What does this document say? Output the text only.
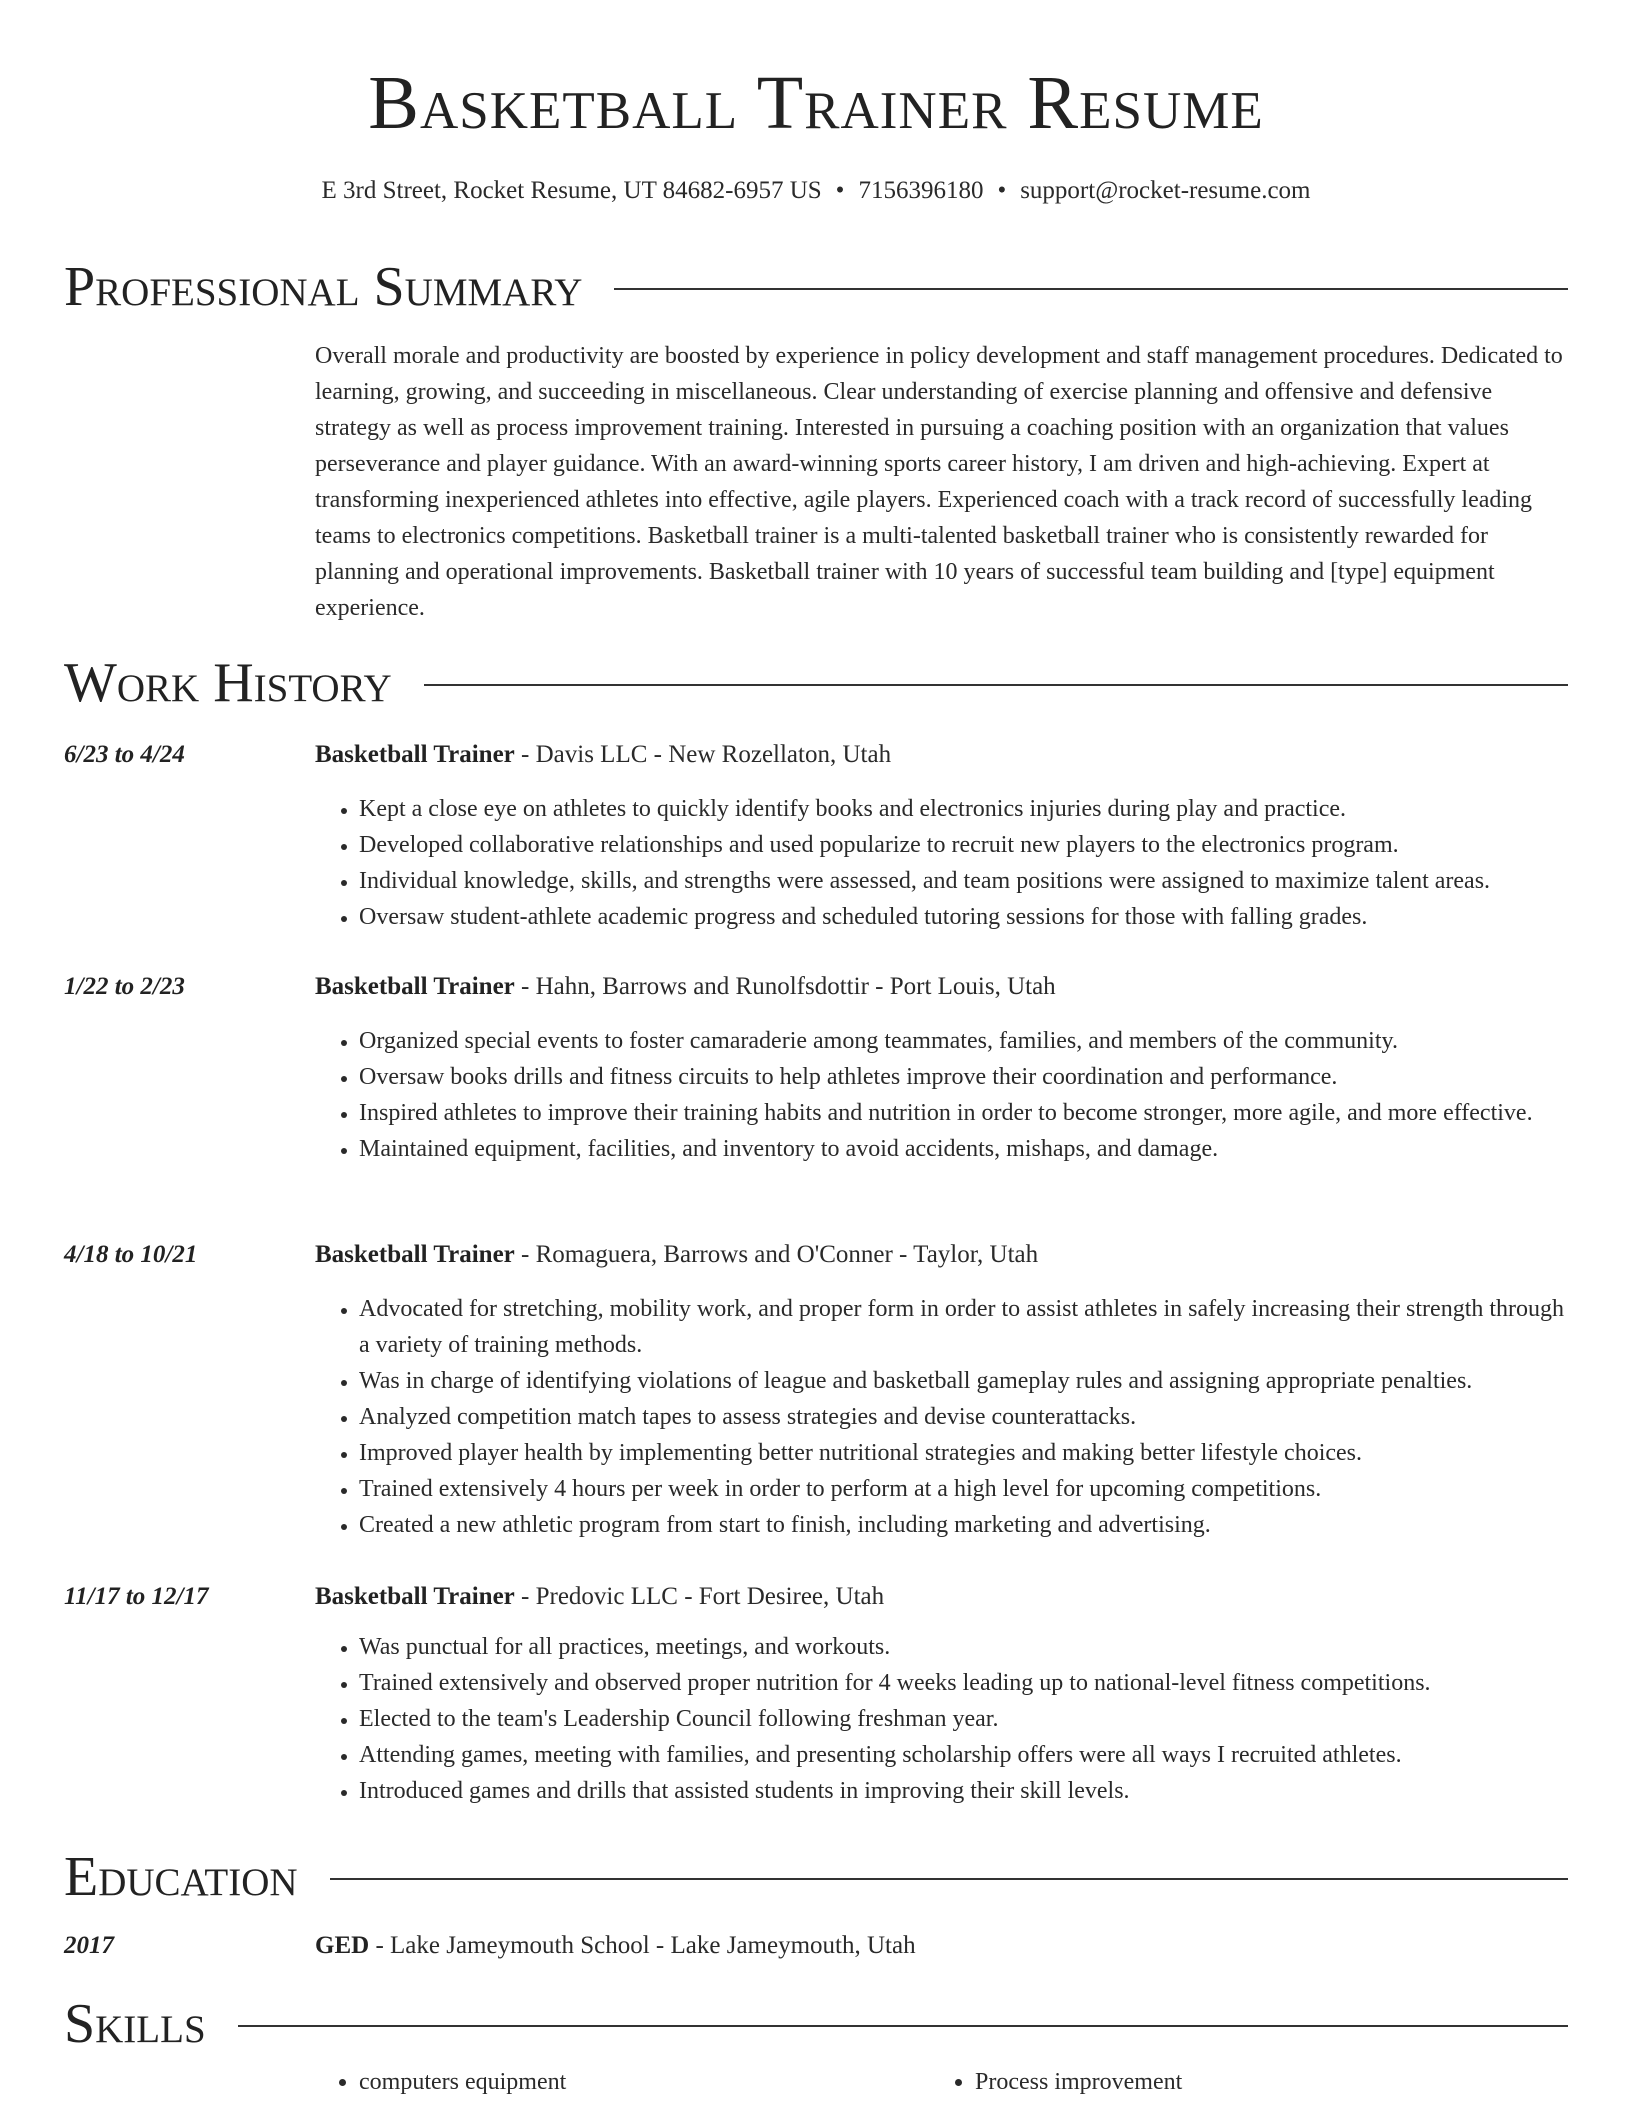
Basketball Trainer Resume
E 3rd Street, Rocket Resume, UT 84682-6957 US • 7156396180 • support@rocket-resume.com
Professional Summary

Overall morale and productivity are boosted by experience in policy development and staff management procedures. Dedicated to learning, growing, and succeeding in miscellaneous. Clear understanding of exercise planning and offensive and defensive strategy as well as process improvement training. Interested in pursuing a coaching position with an organization that values perseverance and player guidance. With an award-winning sports career history, I am driven and high-achieving. Expert at transforming inexperienced athletes into effective, agile players. Experienced coach with a track record of successfully leading teams to electronics competitions. Basketball trainer is a multi-talented basketball trainer who is consistently rewarded for planning and operational improvements. Basketball trainer with 10 years of successful team building and [type] equipment experience.

Work History
6/23 to 4/24	Basketball Trainer - Davis LLC - New Rozellaton, Utah
• Kept a close eye on athletes to quickly identify books and electronics injuries during play and practice.
• Developed collaborative relationships and used popularize to recruit new players to the electronics program.
• Individual knowledge, skills, and strengths were assessed, and team positions were assigned to maximize talent areas.
• Oversaw student-athlete academic progress and scheduled tutoring sessions for those with falling grades.
1/22 to 2/23	Basketball Trainer - Hahn, Barrows and Runolfsdottir - Port Louis, Utah
• Organized special events to foster camaraderie among teammates, families, and members of the community.
• Oversaw books drills and fitness circuits to help athletes improve their coordination and performance.
• Inspired athletes to improve their training habits and nutrition in order to become stronger, more agile, and more effective.
• Maintained equipment, facilities, and inventory to avoid accidents, mishaps, and damage.
4/18 to 10/21	Basketball Trainer - Romaguera, Barrows and O'Conner - Taylor, Utah
• Advocated for stretching, mobility work, and proper form in order to assist athletes in safely increasing their strength through a variety of training methods.
• Was in charge of identifying violations of league and basketball gameplay rules and assigning appropriate penalties.
• Analyzed competition match tapes to assess strategies and devise counterattacks.
• Improved player health by implementing better nutritional strategies and making better lifestyle choices.
• Trained extensively 4 hours per week in order to perform at a high level for upcoming competitions.
• Created a new athletic program from start to finish, including marketing and advertising.
11/17 to 12/17	Basketball Trainer - Predovic LLC - Fort Desiree, Utah
• Was punctual for all practices, meetings, and workouts.
• Trained extensively and observed proper nutrition for 4 weeks leading up to national-level fitness competitions.
• Elected to the team's Leadership Council following freshman year.
• Attending games, meeting with families, and presenting scholarship offers were all ways I recruited athletes.
• Introduced games and drills that assisted students in improving their skill levels.
Education
2017	GED - Lake Jameymouth School - Lake Jameymouth, Utah
Skills
• computers equipment
•	Process improvement
